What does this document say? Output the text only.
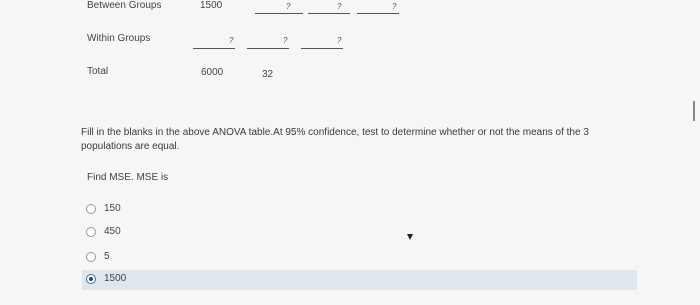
Between Groups	1500	?	?	?
Within Groups	?	?	?
Total	6000	32
Fill in the blanks in the above ANOVA table.At 95% confidence, test to determine whether or not the means of the 3 populations are equal.
Find MSE. MSE is
150
450
5
1500
